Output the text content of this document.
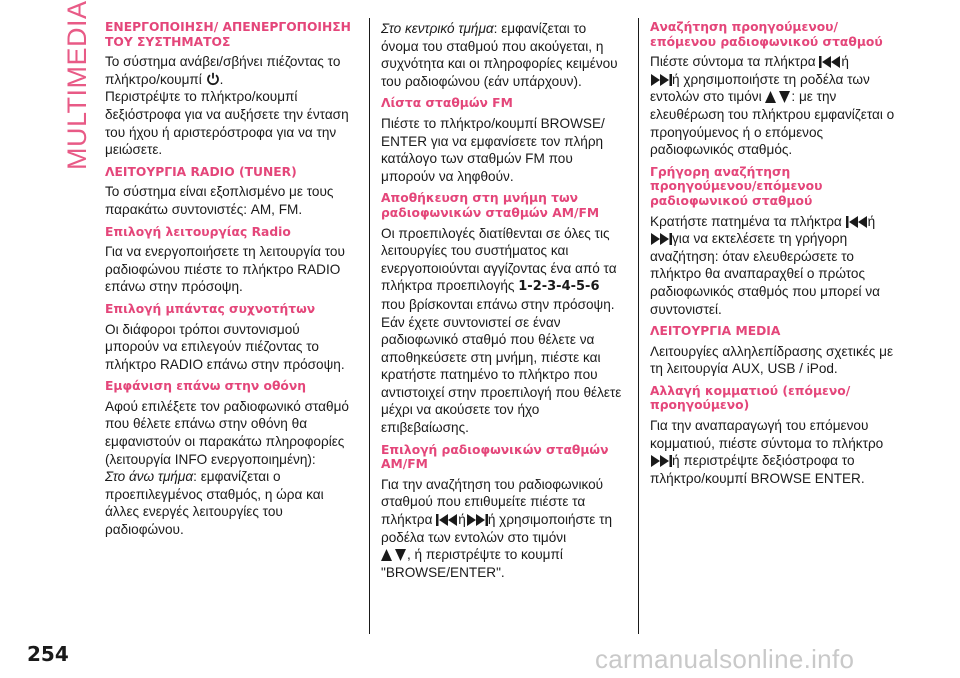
MULTIMEDIA ΕΝΕΡΓΟΠΟΙΗΣΗ/ ΑΠΕΝΕΡΓΟΠΟΙΗΣΗ ΤΟΥ ΣΥΣΤΗΜΑΤΟΣ

Το σύστημα ανάβει/σβήνει πιέζοντας το πλήκτρο/κουμπί .
Περιστρέψτε το πλήκτρο/κουμπί δεξιόστροφα για να αυξήσετε την ένταση του ήχου ή αριστερόστροφα για να την μειώσετε.

ΛΕΙΤΟΥΡΓΙΑ RADIO (TUNER)

Το σύστημα είναι εξοπλισμένο με τους παρακάτω συντονιστές: AM, FM.

Επιλογή λειτουργίας Radio

Για να ενεργοποιήσετε τη λειτουργία του ραδιοφώνου πιέστε το πλήκτρο RADIO επάνω στην πρόσοψη.

Επιλογή μπάντας συχνοτήτων

Οι διάφοροι τρόποι συντονισμού μπορούν να επιλεγούν πιέζοντας το πλήκτρο RADIO επάνω στην πρόσοψη.

Εμφάνιση επάνω στην οθόνη

Αφού επιλέξετε τον ραδιοφωνικό σταθμό που θέλετε επάνω στην οθόνη θα εμφανιστούν οι παρακάτω πληροφορίες (λειτουργία INFO ενεργοποιημένη):
Στο άνω τμήμα: εμφανίζεται ο προεπιλεγμένος σταθμός, η ώρα και άλλες ενεργές λειτουργίες του ραδιοφώνου.

Στο κεντρικό τμήμα: εμφανίζεται το όνομα του σταθμού που ακούγεται, η συχνότητα και οι πληροφορίες κειμένου του ραδιοφώνου (εάν υπάρχουν).

Λίστα σταθμών FM

Πιέστε το πλήκτρο/κουμπί BROWSE/ ENTER για να εμφανίσετε τον πλήρη κατάλογο των σταθμών FM που μπορούν να ληφθούν.

Αποθήκευση στη μνήμη των ραδιοφωνικών σταθμών AM/FM

Οι προεπιλογές διατίθενται σε όλες τις λειτουργίες του συστήματος και ενεργοποιούνται αγγίζοντας ένα από τα πλήκτρα προεπιλογής 1-2-3-4-5-6 που βρίσκονται επάνω στην πρόσοψη. Εάν έχετε συντονιστεί σε έναν ραδιοφωνικό σταθμό που θέλετε να αποθηκεύσετε στη μνήμη, πιέστε και κρατήστε πατημένο το πλήκτρο που αντιστοιχεί στην προεπιλογή που θέλετε μέχρι να ακούσετε τον ήχο επιβεβαίωσης.

Επιλογή ραδιοφωνικών σταθμών AM/FM

Για την αναζήτηση του ραδιοφωνικού σταθμού που επιθυμείτε πιέστε τα πλήκτρα ή ή χρησιμοποιήστε τη ροδέλα των εντολών στο τιμόνι
, ή περιστρέψτε το κουμπί "BROWSE/ENTER".

Αναζήτηση προηγούμενου/ επόμενου ραδιοφωνικού σταθμού

Πιέστε σύντομα τα πλήκτρα ή
ή χρησιμοποιήστε τη ροδέλα των εντολών στο τιμόνι : με την ελευθέρωση του πλήκτρου εμφανίζεται ο προηγούμενος ή ο επόμενος ραδιοφωνικός σταθμός.

Γρήγορη αναζήτηση προηγούμενου/επόμενου ραδιοφωνικού σταθμού

Κρατήστε πατημένα τα πλήκτρα ή
για να εκτελέσετε τη γρήγορη αναζήτηση: όταν ελευθερώσετε το πλήκτρο θα αναπαραχθεί ο πρώτος ραδιοφωνικός σταθμός που μπορεί να συντονιστεί.

ΛΕΙΤΟΥΡΓΙΑ MEDIA

Λειτουργίες αλληλεπίδρασης σχετικές με τη λειτουργία AUX, USB / iPod.

Αλλαγή κομματιού (επόμενο/προηγούμενο)

Για την αναπαραγωγή του επόμενου κομματιού, πιέστε σύντομα το πλήκτρο
ή περιστρέψτε δεξιόστροφα το πλήκτρο/κουμπί BROWSE ENTER.

254	carmanualsonline.info
